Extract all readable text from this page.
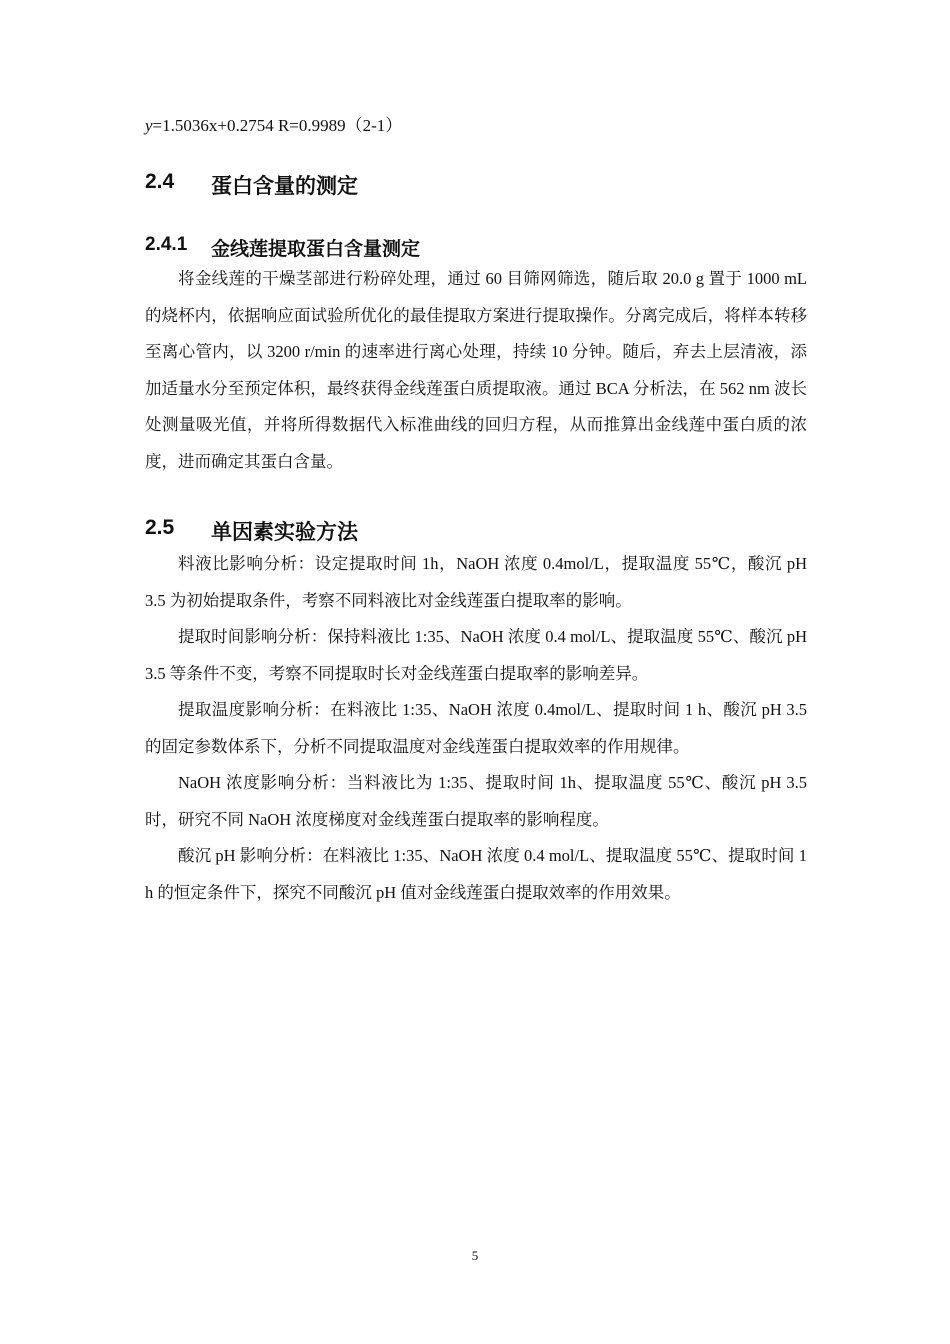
y=1.5036x+0.2754 R=0.9989（2-1）

2.4	蛋白含量的测定
2.4.1	金线莲提取蛋白含量测定

将金线莲的干燥茎部进行粉碎处理，通过 60 目筛网筛选，随后取 20.0 g 置于 1000 mL 的烧杯内，依据响应面试验所优化的最佳提取方案进行提取操作。分离完成后，将样本转移至离心管内，以 3200 r/min 的速率进行离心处理，持续 10 分钟。随后，弃去上层清液，添加适量水分至预定体积，最终获得金线莲蛋白质提取液。通过 BCA 分析法，在 562 nm 波长处测量吸光值，并将所得数据代入标准曲线的回归方程，从而推算出金线莲中蛋白质的浓度，进而确定其蛋白含量。

2.5	单因素实验方法

料液比影响分析：设定提取时间 1h，NaOH 浓度 0.4mol/L，提取温度 55℃，酸沉 pH 3.5 为初始提取条件，考察不同料液比对金线莲蛋白提取率的影响。

提取时间影响分析：保持料液比 1:35、NaOH 浓度 0.4 mol/L、提取温度 55℃、酸沉 pH 3.5 等条件不变，考察不同提取时长对金线莲蛋白提取率的影响差异。

提取温度影响分析：在料液比 1:35、NaOH 浓度 0.4mol/L、提取时间 1 h、酸沉 pH 3.5 的固定参数体系下，分析不同提取温度对金线莲蛋白提取效率的作用规律。

NaOH 浓度影响分析：当料液比为 1:35、提取时间 1h、提取温度 55℃、酸沉 pH 3.5 时，研究不同 NaOH 浓度梯度对金线莲蛋白提取率的影响程度。

酸沉 pH 影响分析：在料液比 1:35、NaOH 浓度 0.4 mol/L、提取温度 55℃、提取时间 1 h 的恒定条件下，探究不同酸沉 pH 值对金线莲蛋白提取效率的作用效果。

5
